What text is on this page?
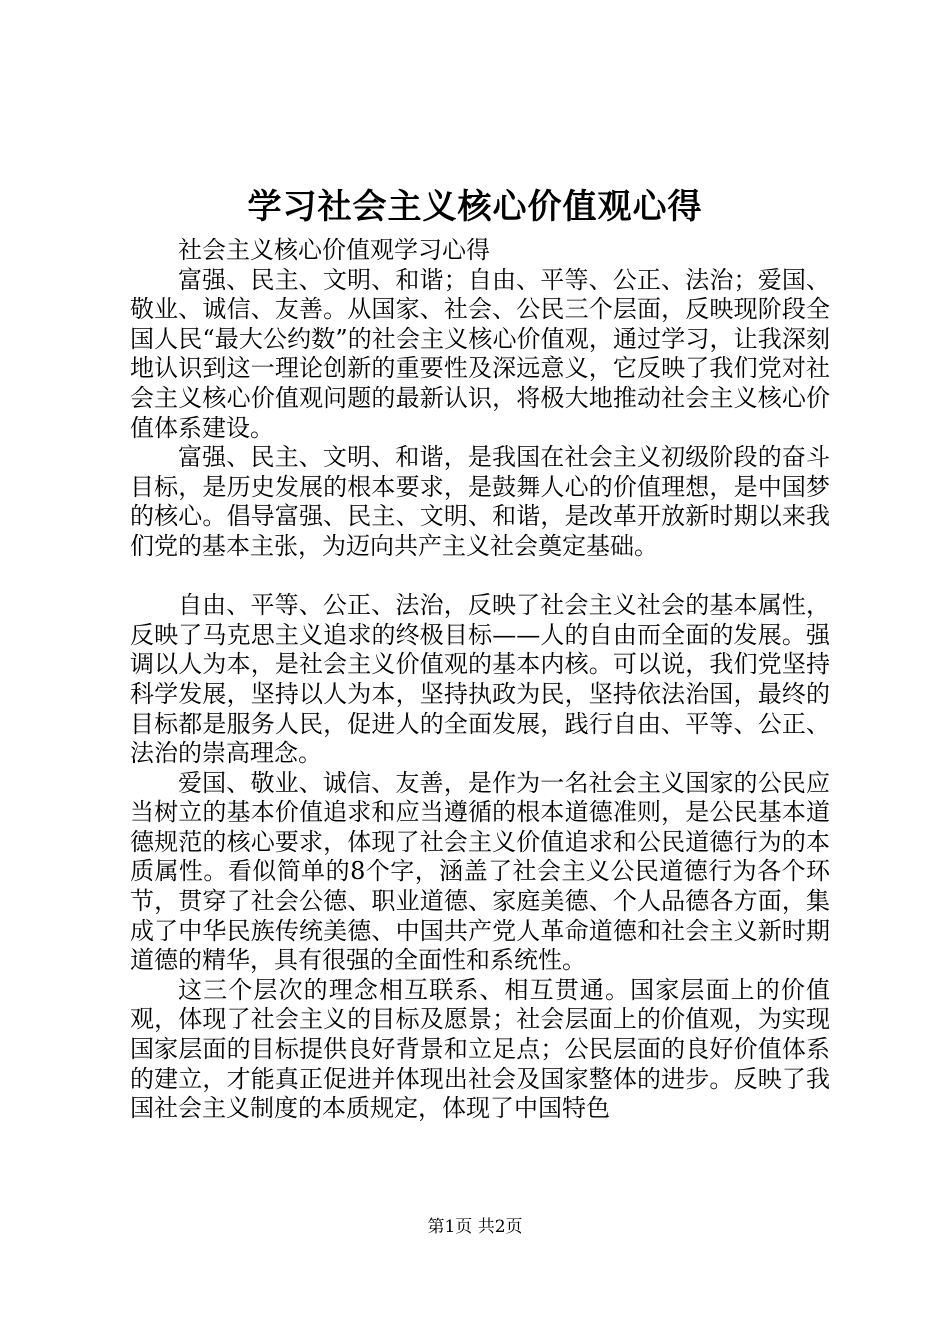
学习社会主义核心价值观心得

社会主义核心价值观学习心得

富强、民主、文明、和谐；自由、平等、公正、法治；爱国、敬业、诚信、友善。从国家、社会、公民三个层面，反映现阶段全国人民“最大公约数”的社会主义核心价值观，通过学习，让我深刻地认识到这一理论创新的重要性及深远意义，它反映了我们党对社会主义核心价值观问题的最新认识，将极大地推动社会主义核心价值体系建设。

富强、民主、文明、和谐，是我国在社会主义初级阶段的奋斗目标，是历史发展的根本要求，是鼓舞人心的价值理想，是中国梦的核心。倡导富强、民主、文明、和谐，是改革开放新时期以来我们党的基本主张，为迈向共产主义社会奠定基础。

自由、平等、公正、法治，反映了社会主义社会的基本属性，反映了马克思主义追求的终极目标——人的自由而全面的发展。强调以人为本，是社会主义价值观的基本内核。可以说，我们党坚持科学发展，坚持以人为本，坚持执政为民，坚持依法治国，最终的目标都是服务人民，促进人的全面发展，践行自由、平等、公正、法治的崇高理念。

爱国、敬业、诚信、友善，是作为一名社会主义国家的公民应当树立的基本价值追求和应当遵循的根本道德准则，是公民基本道德规范的核心要求，体现了社会主义价值追求和公民道德行为的本质属性。看似简单的8个字，涵盖了社会主义公民道德行为各个环节，贯穿了社会公德、职业道德、家庭美德、个人品德各方面，集成了中华民族传统美德、中国共产党人革命道德和社会主义新时期道德的精华，具有很强的全面性和系统性。

这三个层次的理念相互联系、相互贯通。国家层面上的价值观，体现了社会主义的目标及愿景；社会层面上的价值观，为实现国家层面的目标提供良好背景和立足点；公民层面的良好价值体系的建立，才能真正促进并体现出社会及国家整体的进步。反映了我国社会主义制度的本质规定，体现了中国特色

第1页 共2页
